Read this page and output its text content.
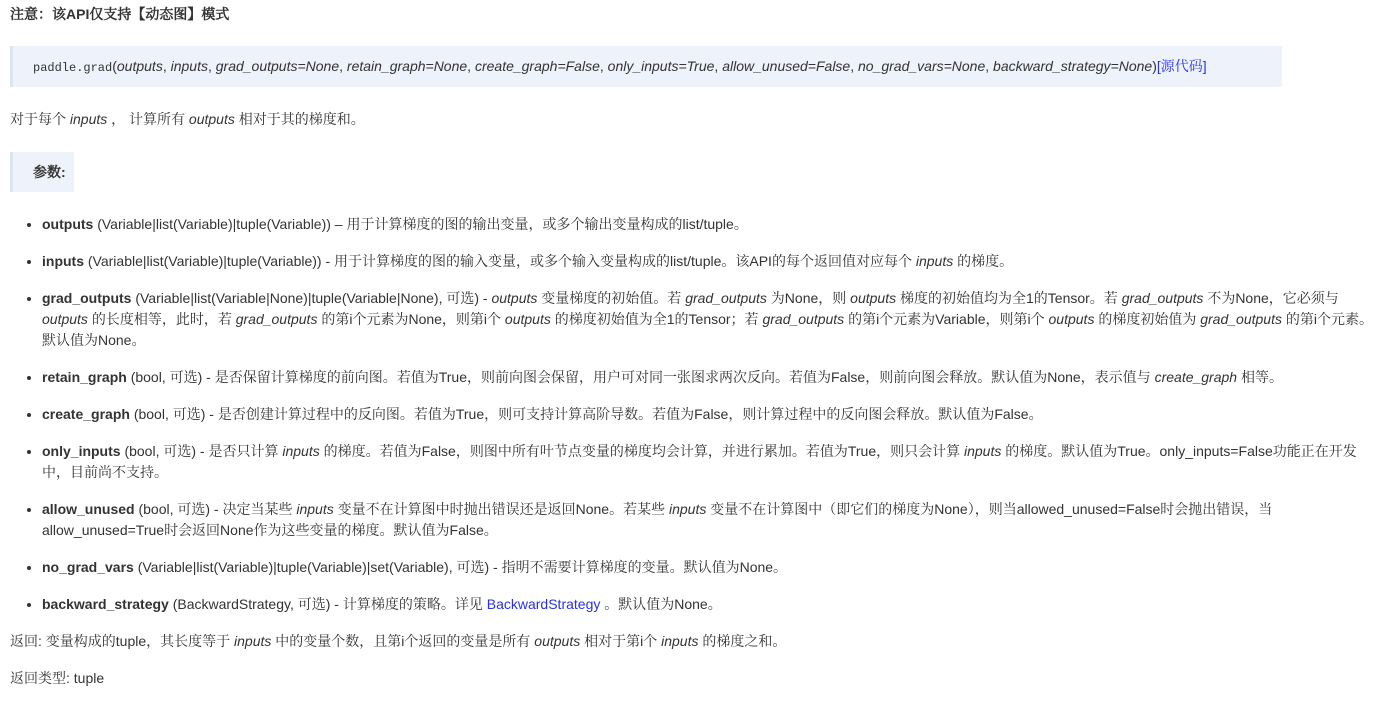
注意：该API仅支持【动态图】模式

paddle.grad(outputs, inputs, grad_outputs=None, retain_graph=None, create_graph=False, only_inputs=True, allow_unused=False, no_grad_vars=None, backward_strategy=None)[源代码]

对于每个 inputs ， 计算所有 outputs 相对于其的梯度和。

参数:
• outputs (Variable|list(Variable)|tuple(Variable)) – 用于计算梯度的图的输出变量，或多个输出变量构成的list/tuple。
• inputs (Variable|list(Variable)|tuple(Variable)) - 用于计算梯度的图的输入变量，或多个输入变量构成的list/tuple。该API的每个返回值对应每个 inputs 的梯度。
• grad_outputs (Variable|list(Variable|None)|tuple(Variable|None), 可选) - outputs 变量梯度的初始值。若 grad_outputs 为None，则 outputs 梯度的初始值均为全1的Tensor。若 grad_outputs 不为None，它必须与 outputs 的长度相等，此时，若 grad_outputs 的第i个元素为None，则第i个 outputs 的梯度初始值为全1的Tensor；若 grad_outputs 的第i个元素为Variable，则第i个 outputs 的梯度初始值为 grad_outputs 的第i个元素。默认值为None。
• retain_graph (bool, 可选) - 是否保留计算梯度的前向图。若值为True，则前向图会保留，用户可对同一张图求两次反向。若值为False，则前向图会释放。默认值为None，表示值与 create_graph 相等。
• create_graph (bool, 可选) - 是否创建计算过程中的反向图。若值为True，则可支持计算高阶导数。若值为False，则计算过程中的反向图会释放。默认值为False。
• only_inputs (bool, 可选) - 是否只计算 inputs 的梯度。若值为False，则图中所有叶节点变量的梯度均会计算，并进行累加。若值为True，则只会计算 inputs 的梯度。默认值为True。only_inputs=False功能正在开发中，目前尚不支持。
• allow_unused (bool, 可选) - 决定当某些 inputs 变量不在计算图中时抛出错误还是返回None。若某些 inputs 变量不在计算图中（即它们的梯度为None），则当allowed_unused=False时会抛出错误，当allow_unused=True时会返回None作为这些变量的梯度。默认值为False。
• no_grad_vars (Variable|list(Variable)|tuple(Variable)|set(Variable), 可选) - 指明不需要计算梯度的变量。默认值为None。
• backward_strategy (BackwardStrategy, 可选) - 计算梯度的策略。详见 BackwardStrategy 。默认值为None。

返回: 变量构成的tuple，其长度等于 inputs 中的变量个数，且第i个返回的变量是所有 outputs 相对于第i个 inputs 的梯度之和。

返回类型: tuple
